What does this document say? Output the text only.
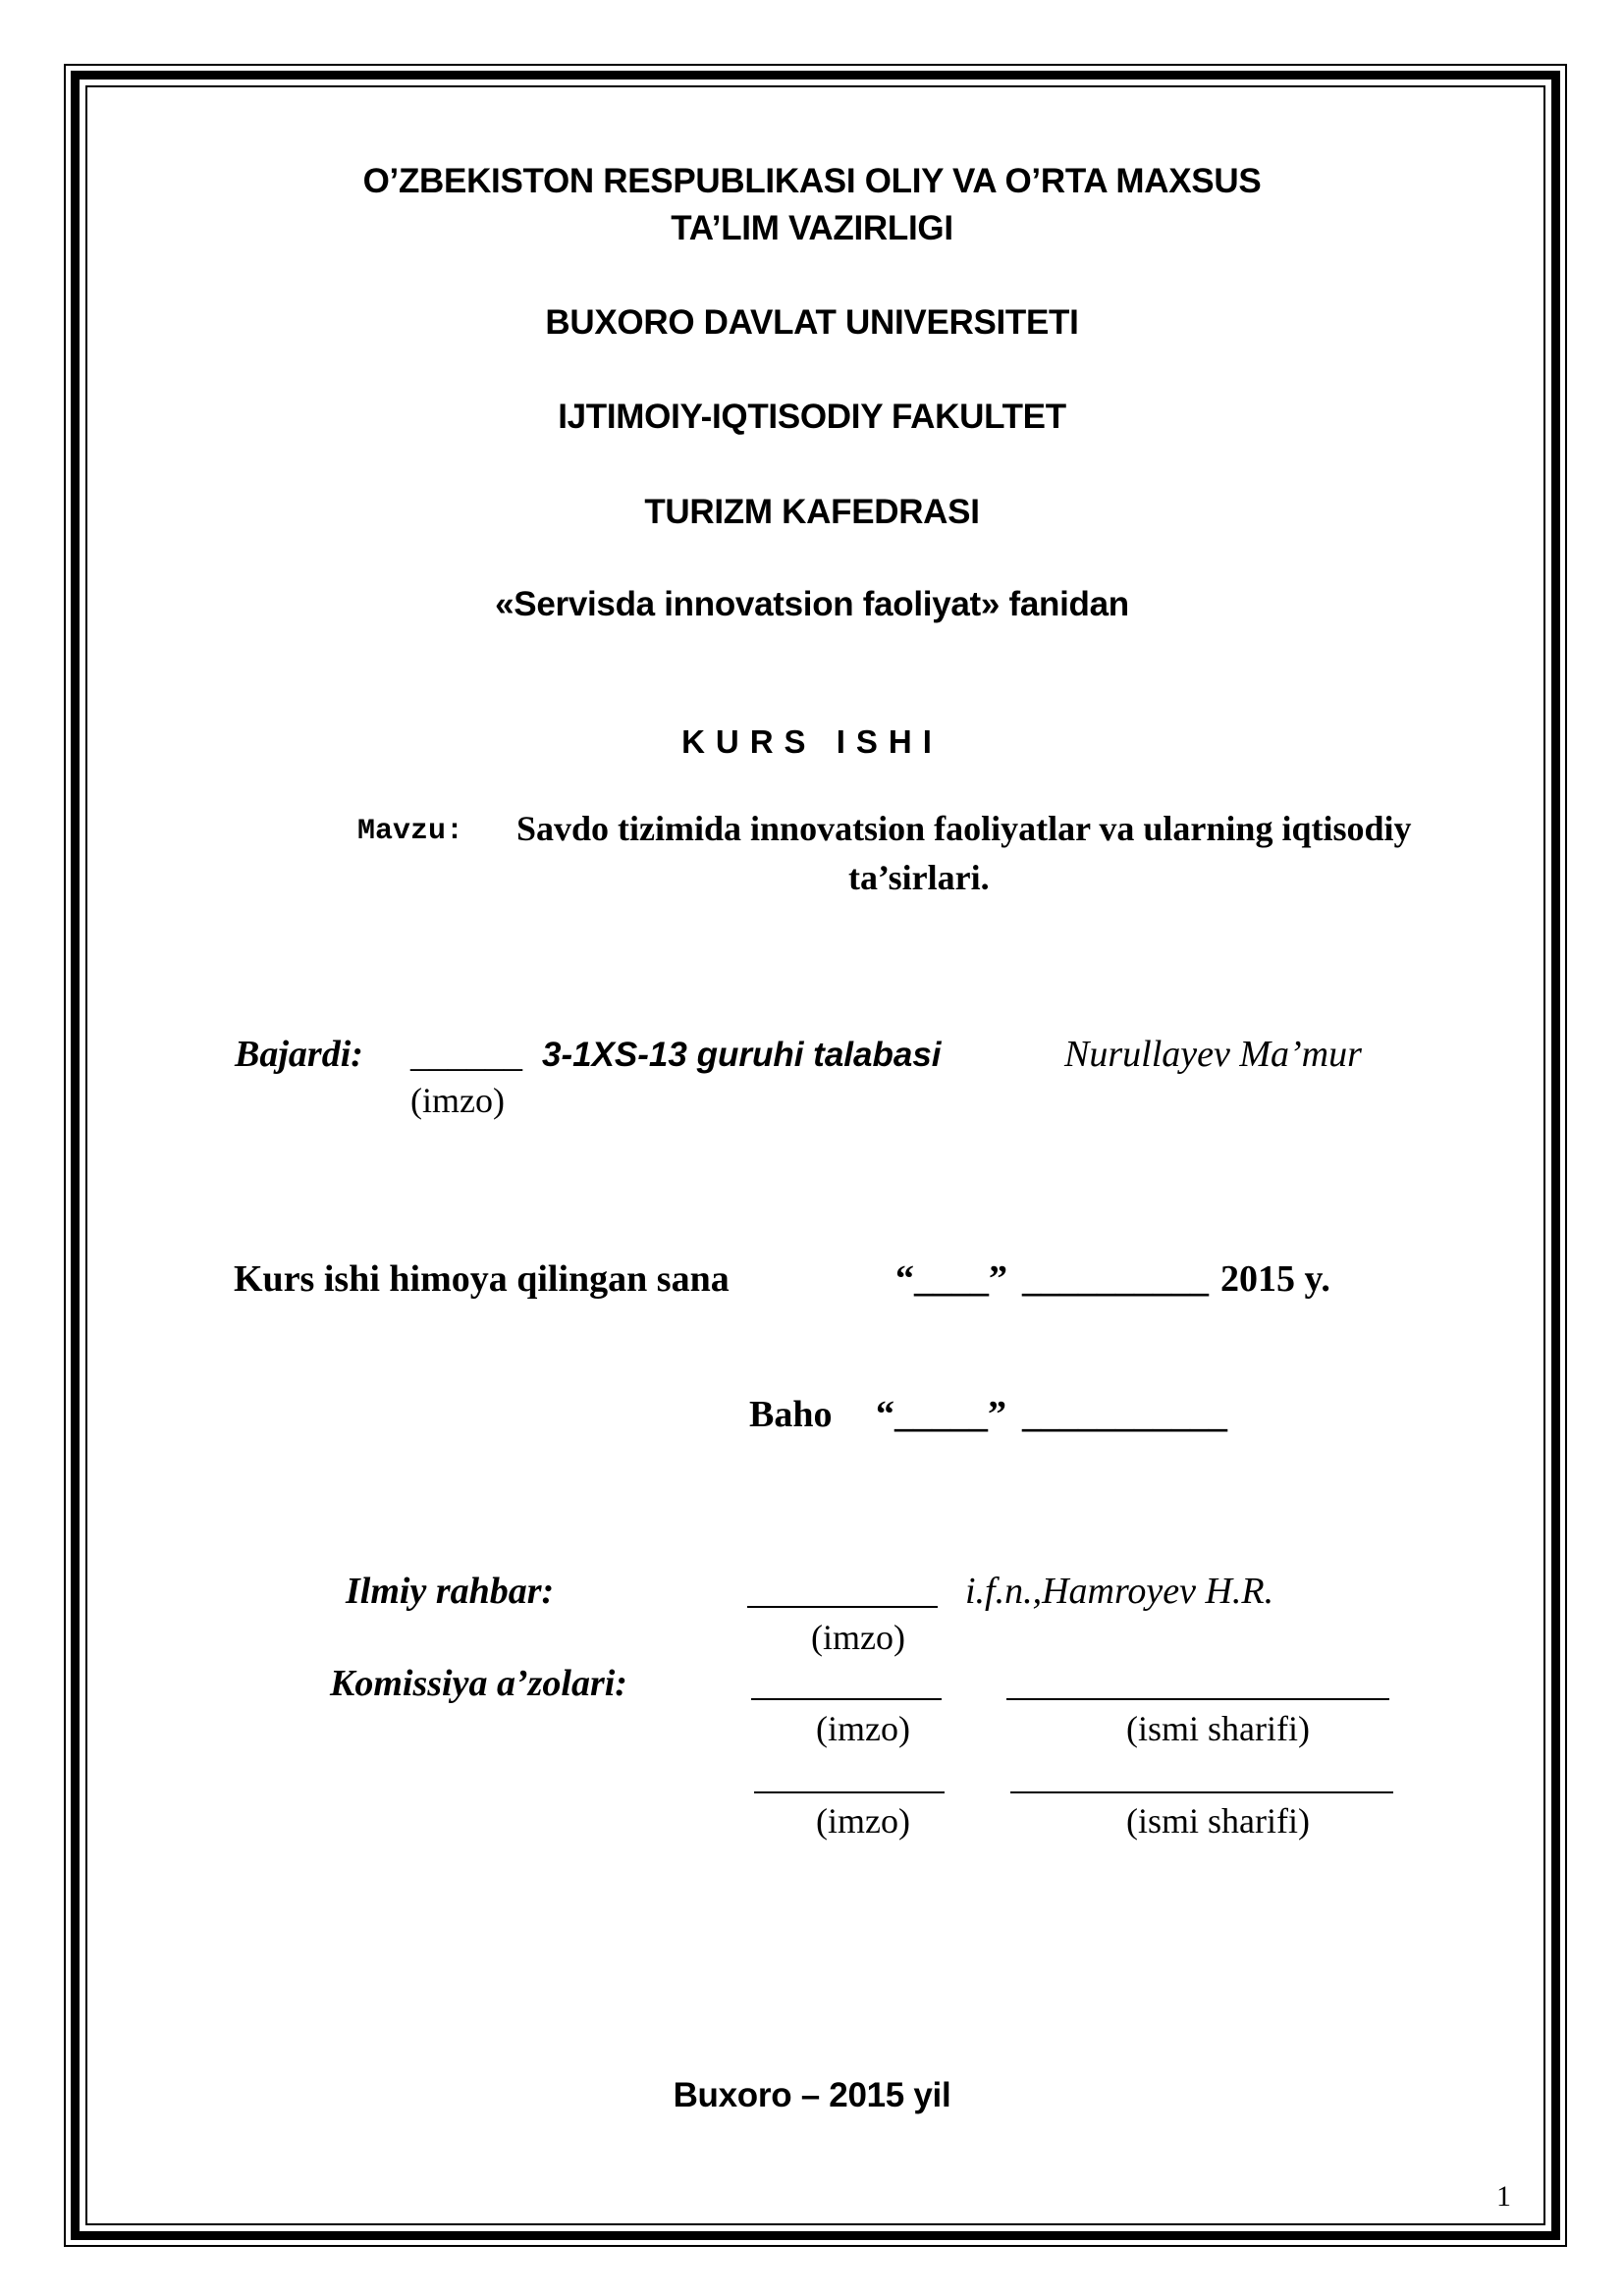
O’ZBEKISTON RESPUBLIKASI OLIY VA O’RTA MAXSUS
TA’LIM VAZIRLIGI
BUXORO DAVLAT UNIVERSITETI
IJTIMOIY-IQTISODIY FAKULTET
TURIZM KAFEDRASI
«Servisda innovatsion faoliyat» fanidan
KURS ISHI
Mavzu: Savdo tizimida innovatsion faoliyatlar va ularning iqtisodiy
ta’sirlari.
Bajardi: ______ 3-1XS-13 guruhi talabasi	Nurullayev Ma’mur
(imzo)
Kurs ishi himoya qilingan sana	“____” __________ 2015 y.
Baho “_____” ___________
Ilmiy rahbar:	i.f.n.,Hamroyev H.R.
(imzo)
Komissiya a’zolari:
(imzo)	(ismi sharifi)
(imzo)	(ismi sharifi)
Buxoro – 2015 yil
1
